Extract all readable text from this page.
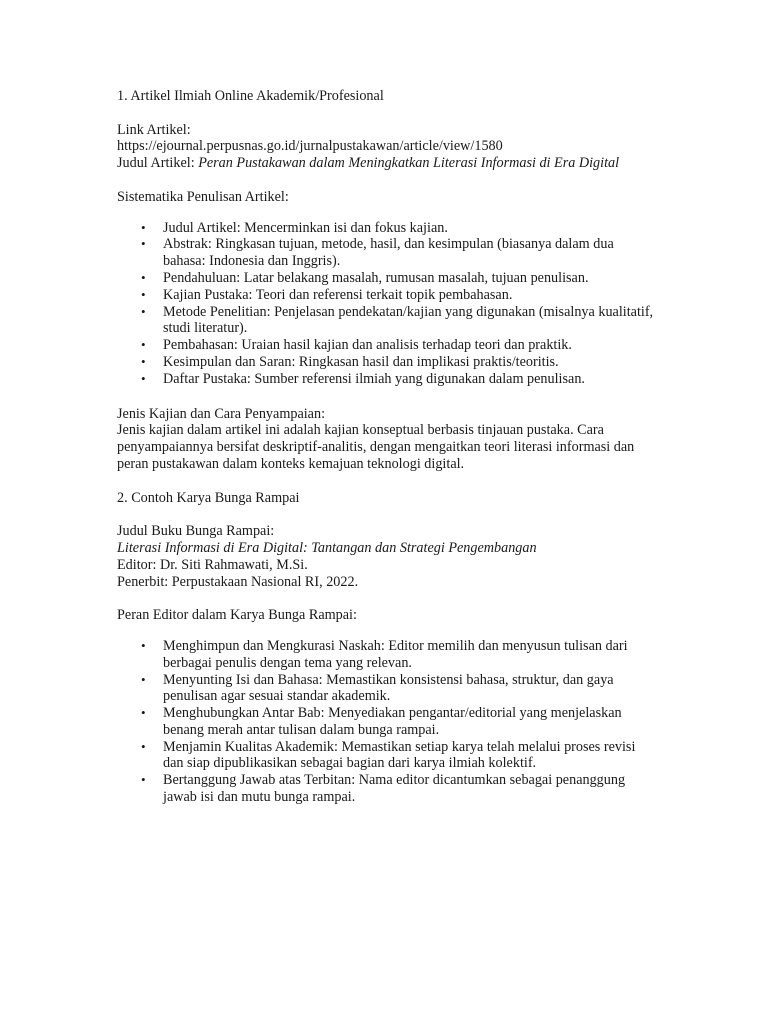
1. Artikel Ilmiah Online Akademik/Profesional

Link Artikel:

https://ejournal.perpusnas.go.id/jurnalpustakawan/article/view/1580

Judul Artikel: Peran Pustakawan dalam Meningkatkan Literasi Informasi di Era Digital

Sistematika Penulisan Artikel:

• Judul Artikel: Mencerminkan isi dan fokus kajian.
• Abstrak: Ringkasan tujuan, metode, hasil, dan kesimpulan (biasanya dalam dua bahasa: Indonesia dan Inggris).
• Pendahuluan: Latar belakang masalah, rumusan masalah, tujuan penulisan.
• Kajian Pustaka: Teori dan referensi terkait topik pembahasan.
• Metode Penelitian: Penjelasan pendekatan/kajian yang digunakan (misalnya kualitatif, studi literatur).
• Pembahasan: Uraian hasil kajian dan analisis terhadap teori dan praktik.
• Kesimpulan dan Saran: Ringkasan hasil dan implikasi praktis/teoritis.
• Daftar Pustaka: Sumber referensi ilmiah yang digunakan dalam penulisan.

Jenis Kajian dan Cara Penyampaian:

Jenis kajian dalam artikel ini adalah kajian konseptual berbasis tinjauan pustaka. Cara penyampaiannya bersifat deskriptif-analitis, dengan mengaitkan teori literasi informasi dan peran pustakawan dalam konteks kemajuan teknologi digital.

2. Contoh Karya Bunga Rampai

Judul Buku Bunga Rampai:

Literasi Informasi di Era Digital: Tantangan dan Strategi Pengembangan

Editor: Dr. Siti Rahmawati, M.Si.

Penerbit: Perpustakaan Nasional RI, 2022.

Peran Editor dalam Karya Bunga Rampai:

• Menghimpun dan Mengkurasi Naskah: Editor memilih dan menyusun tulisan dari berbagai penulis dengan tema yang relevan.
• Menyunting Isi dan Bahasa: Memastikan konsistensi bahasa, struktur, dan gaya penulisan agar sesuai standar akademik.
• Menghubungkan Antar Bab: Menyediakan pengantar/editorial yang menjelaskan benang merah antar tulisan dalam bunga rampai.
• Menjamin Kualitas Akademik: Memastikan setiap karya telah melalui proses revisi dan siap dipublikasikan sebagai bagian dari karya ilmiah kolektif.
• Bertanggung Jawab atas Terbitan: Nama editor dicantumkan sebagai penanggung jawab isi dan mutu bunga rampai.
